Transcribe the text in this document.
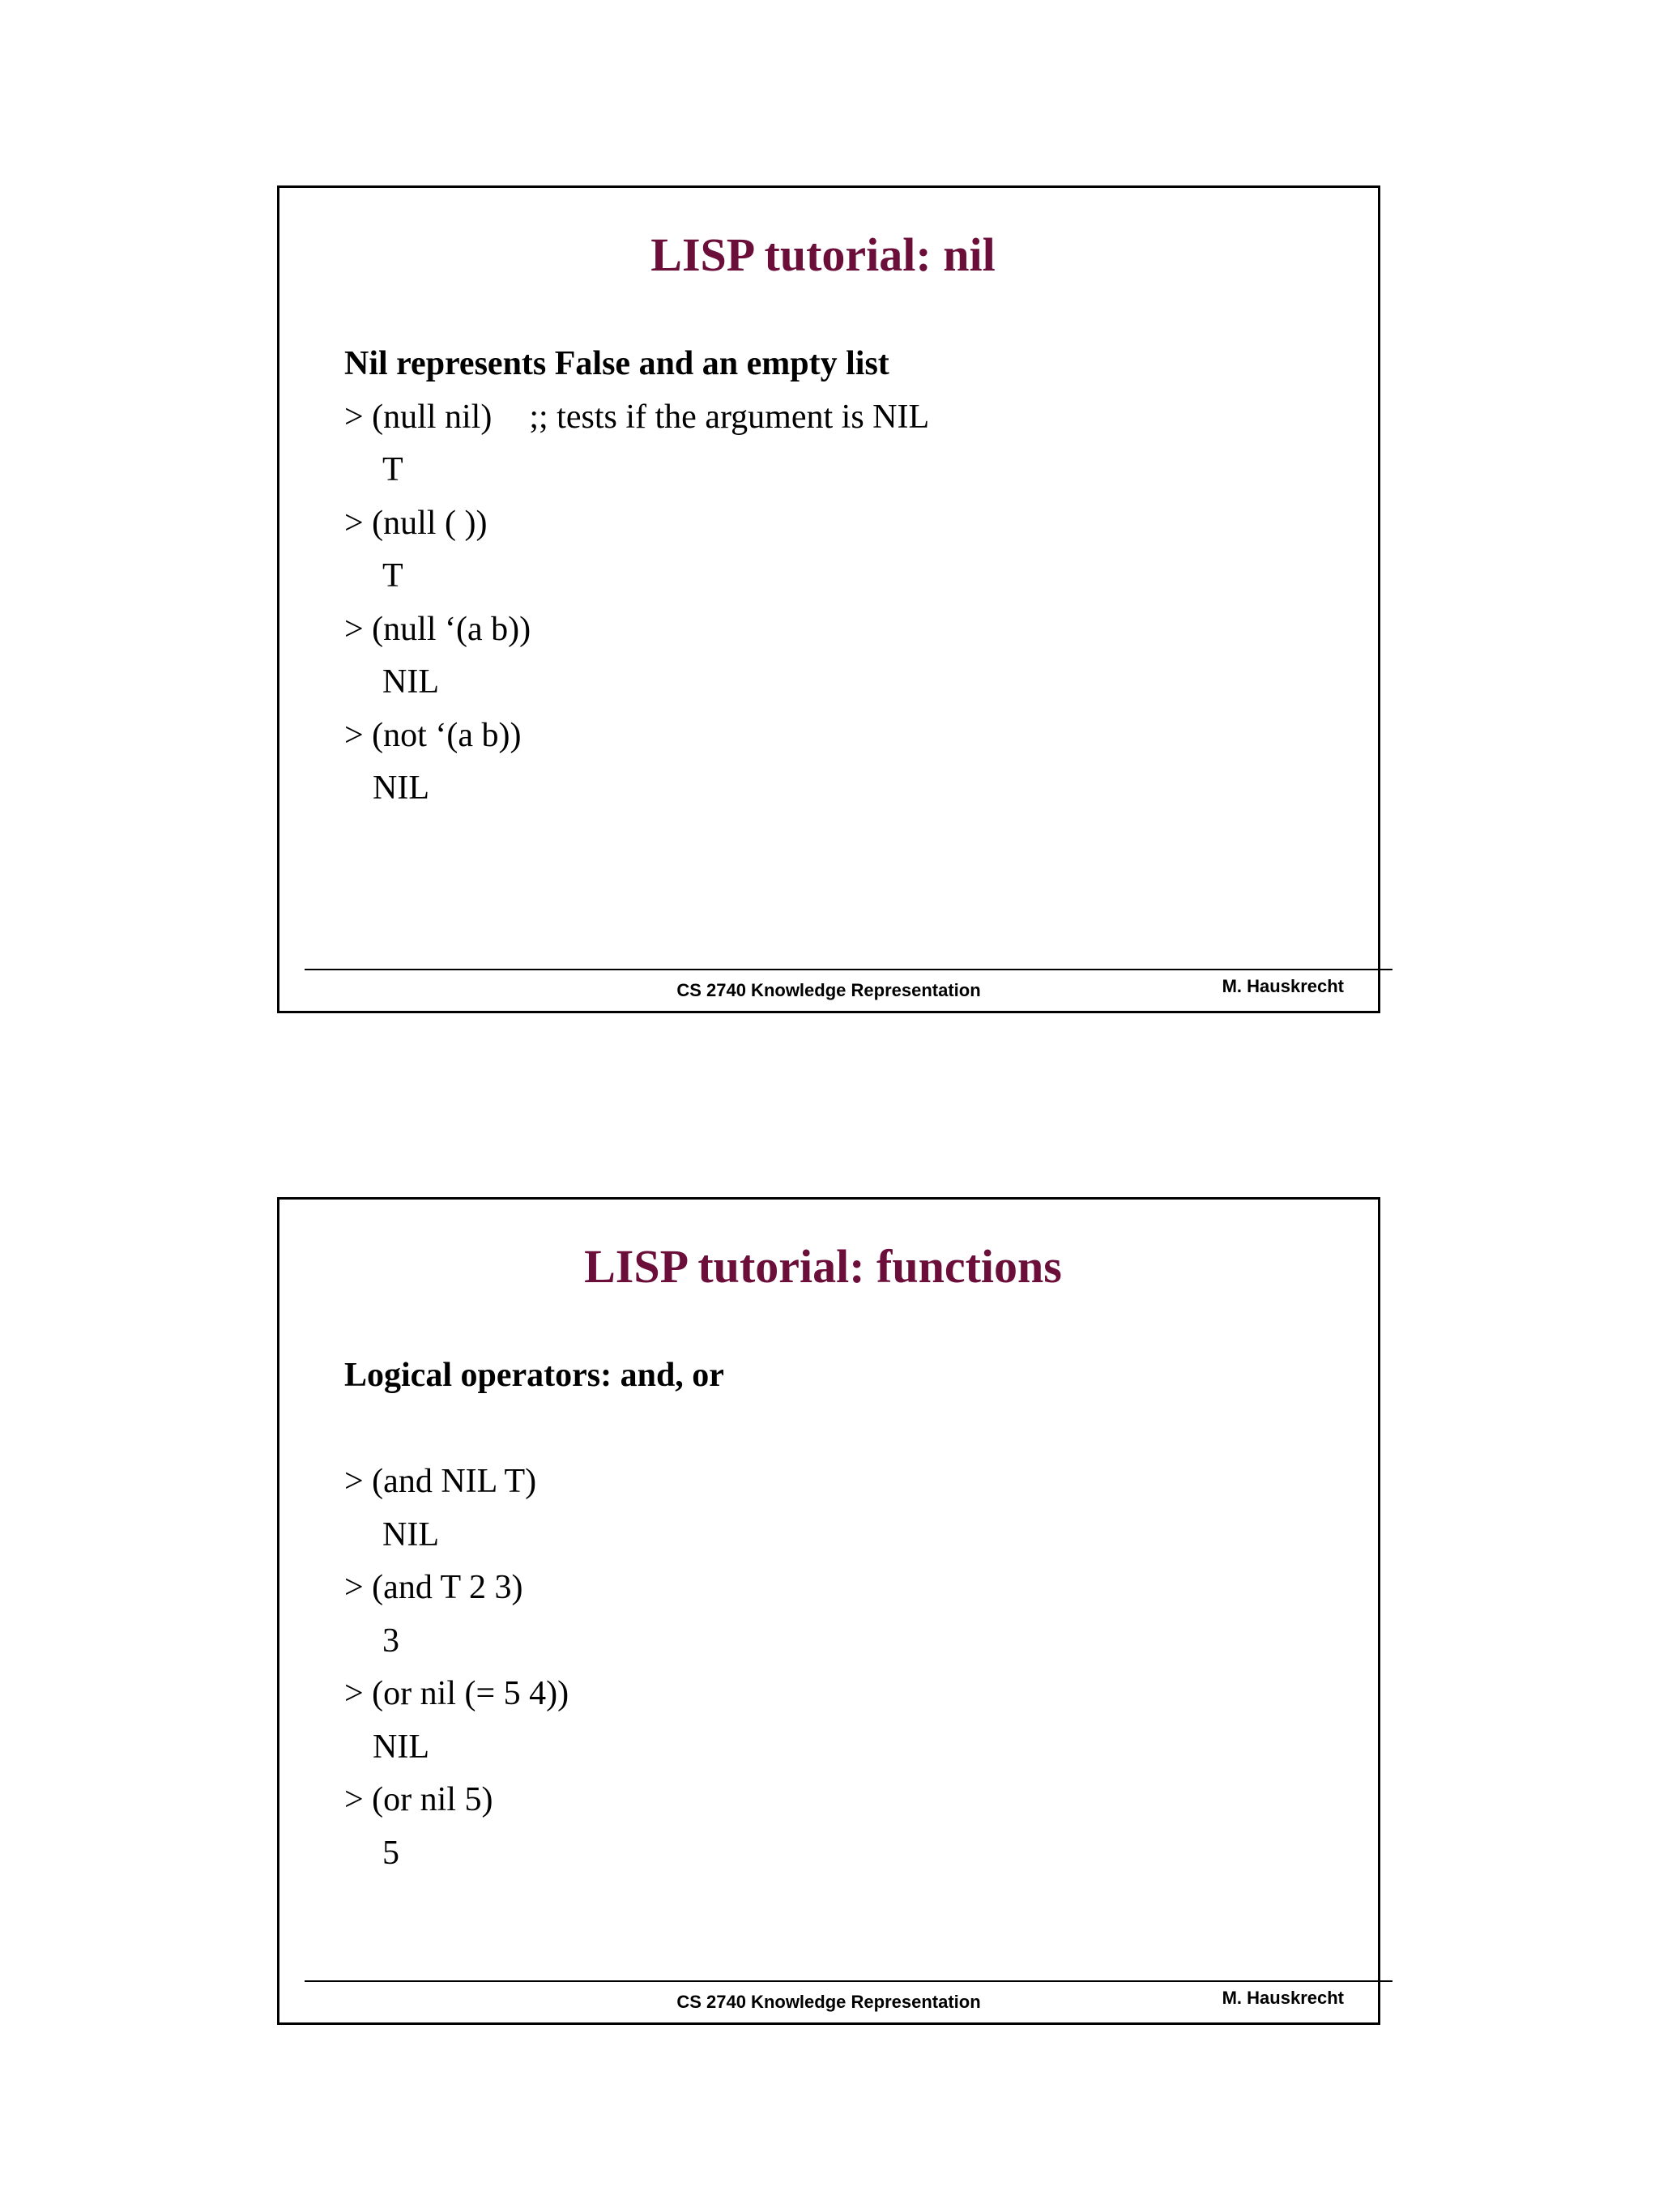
LISP tutorial: nil
Nil represents False and an empty list
> (null nil) ;; tests if the argument is NIL
T
> (null ( ))
T
> (null ‘(a b))
NIL
> (not ‘(a b))
NIL
CS 2740 Knowledge Representation	M. Hauskrecht
LISP tutorial: functions
Logical operators: and, or
> (and NIL T)
NIL
> (and T 2 3)
3
> (or nil (= 5 4))
NIL
> (or nil 5)
5
CS 2740 Knowledge Representation	M. Hauskrecht
